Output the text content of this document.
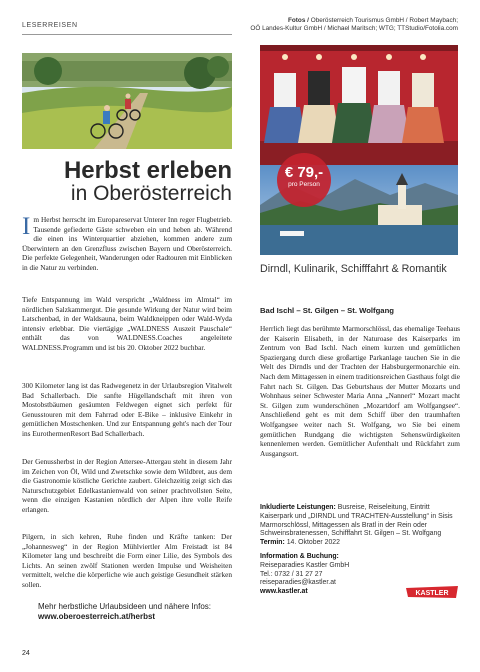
LESERREISEN
Fotos / Oberösterreich Tourismus GmbH / Robert Maybach;
OÖ Landes-Kultur GmbH / Michael Maritsch; WTG; TTStudio/Fotolia.com
Herbst erleben
in Oberösterreich

Im Herbst herrscht im Europareservat Unterer Inn reger Flugbetrieb. Tausende gefiederte Gäste schweben ein und heben ab. Während die einen ins Winterquartier abziehen, kommen andere zum Überwintern an den Grenzfluss zwischen Bayern und Oberösterreich. Die perfekte Gelegenheit, Wanderungen oder Radtouren mit Einblicken in die Natur zu verbinden.

Tiefe Entspannung im Wald verspricht „Waldness im Almtal“ im nördlichen Salzkammergut. Die gesunde Wirkung der Natur wird beim Latschenbad, in der Waldsauna, beim Waldkneippen oder Wald-Wyda intensiv erlebbar. Die viertägige „WALDNESS Auszeit Pauschale“ enthält das von WALDNESS.Coaches angeleitete WALDNESS.Programm und ist bis 20. Oktober 2022 buchbar.
300 Kilometer lang ist das Radwegenetz in der Urlaubsregion Vitalwelt Bad Schallerbach. Die sanfte Hügellandschaft mit ihren von Mostobstbäumen gesäumten Feldwegen eignet sich perfekt für Genusstouren mit dem Fahrrad oder E-Bike – inklusive Einkehr in gemütlichen Mostschenken. Und zur Entspannung geht's nach der Tour ins EurothermenResort Bad Schallerbach.
Der Genussherbst in der Region Attersee-Attergau steht in diesem Jahr im Zeichen von Öl, Wild und Zwetschke sowie dem Wildbret, aus dem die Gastronomie köstliche Gerichte zaubert. Gleichzeitig zeigt sich das Naturschutzgebiet Edelkastanienwald von seiner prachtvollsten Seite, wenn die einzigen Kastanien nördlich der Alpen ihre volle Reife erlangen.
Pilgern, in sich kehren, Ruhe finden und Kräfte tanken: Der „Johannesweg“ in der Region Mühlviertler Alm Freistadt ist 84 Kilometer lang und beschreibt die Form einer Lilie, des Symbols des Lichts. An seinen zwölf Stationen werden Impulse und Weisheiten vermittelt, welche die körperliche wie auch geistige Gesundheit stärken sollen.
Mehr herbstliche Urlaubsideen und nähere Infos:
www.oberoesterreich.at/herbst
24
€ 79,-
pro Person
Dirndl, Kulinarik, Schifffahrt & Romantik
Bad Ischl – St. Gilgen – St. Wolfgang
Herrlich liegt das berühmte Marmorschlössl, das ehemalige Teehaus der Kaiserin Elisabeth, in der Naturoase des Kaiserparks im Zentrum von Bad Ischl. Nach einem kurzen und gemütlichen Spaziergang durch diese großartige Parkanlage tauchen Sie in die Welt des Dirndls und der Trachten der Habsburgermonarchie ein. Nach dem Mittagessen in einem traditionsreichen Gasthaus folgt die Fahrt nach St. Gilgen. Das Geburtshaus der Mutter Mozarts und Wohnhaus seiner Schwester Maria Anna „Nannerl“ Mozart macht St. Gilgen zum wunderschönen „Mozartdorf am Wolfgangsee“. Anschließend geht es mit dem Schiff über den traumhaften Wolfgangsee weiter nach St. Wolfgang, wo Sie bei einem gemütlichen Rundgang die wichtigsten Sehenswürdigkeiten kennenlernen werden. Gemütlicher Aufenthalt und Rückfahrt zum Ausgangsort.
Inkludierte Leistungen: Busreise, Reiseleitung, Eintritt Kaiserpark und „DIRNDL und TRACHTEN-Ausstellung“ in Sisis Marmorschlössl, Mittagessen als Bratl in der Rein oder Schweinsbratenessen, Schifffahrt St. Gilgen – St. Wolfgang
Termin: 14. Oktober 2022
Information & Buchung:
Reiseparadies Kastler GmbH
Tel.: 0732 / 31 27 27
reiseparadies@kastler.at
www.kastler.at	KASTLER
